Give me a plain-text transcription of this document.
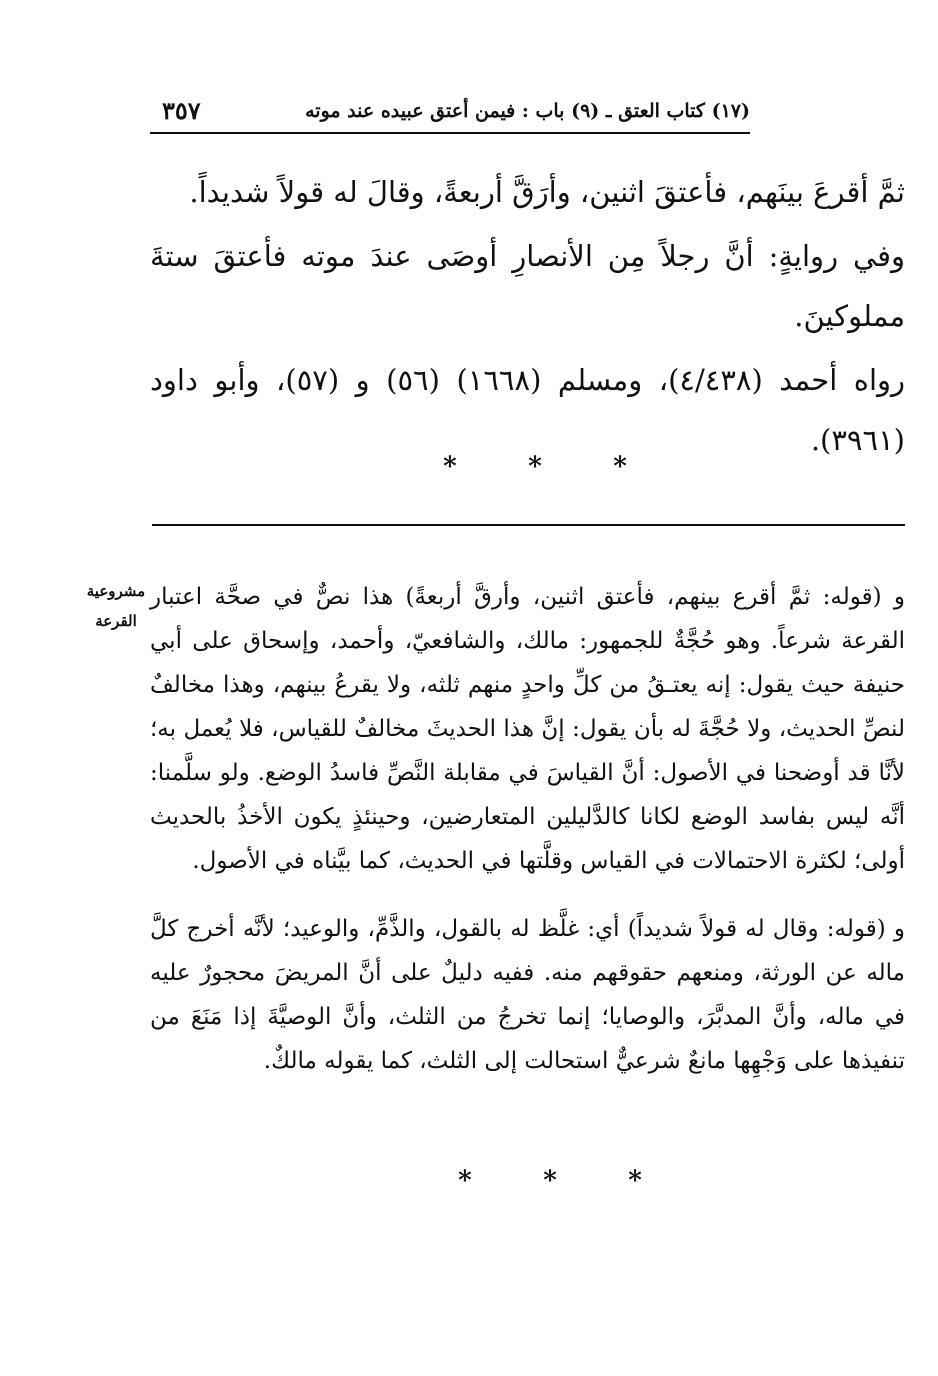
٣٥٧	(١٧) كتاب العتق ـ (٩) باب : فيمن أعتق عبيده عند موته

ثمَّ أقرعَ بينَهم، فأعتقَ اثنين، وأرَقَّ أربعةً، وقالَ له قولاً شديداً.

وفي روايةٍ: أنَّ رجلاً مِن الأنصارِ أوصَى عندَ موته فأعتقَ ستةَ مملوكينَ.

رواه أحمد (٤/٤٣٨)، ومسلم (١٦٦٨) (٥٦) و (٥٧)، وأبو داود (٣٩٦١).

*	*	*
مشروعية القرعة

و (قوله: ثمَّ أقرع بينهم، فأعتق اثنين، وأرقَّ أربعةً) هذا نصٌّ في صحَّة اعتبار القرعة شرعاً. وهو حُجَّةٌ للجمهور: مالك، والشافعيّ، وأحمد، وإسحاق على أبي حنيفة حيث يقول: إنه يعتـقُ من كلِّ واحدٍ منهم ثلثه، ولا يقرعُ بينهم، وهذا مخالفٌ لنصِّ الحديث، ولا حُجَّةَ له بأن يقول: إنَّ هذا الحديثَ مخالفٌ للقياس، فلا يُعمل به؛ لأنَّا قد أوضحنا في الأصول: أنَّ القياسَ في مقابلة النَّصِّ فاسدُ الوضع. ولو سلَّمنا: أنَّه ليس بفاسد الوضع لكانا كالدَّليلين المتعارضين، وحينئذٍ يكون الأخذُ بالحديث أولى؛ لكثرة الاحتمالات في القياس وقلَّتها في الحديث، كما بيَّناه في الأصول.

و (قوله: وقال له قولاً شديداً) أي: غلَّظ له بالقول، والذَّمِّ، والوعيد؛ لأنَّه أخرج كلَّ ماله عن الورثة، ومنعهم حقوقهم منه. ففيه دليلٌ على أنَّ المريضَ محجورٌ عليه في ماله، وأنَّ المدبَّرَ، والوصايا؛ إنما تخرجُ من الثلث، وأنَّ الوصيَّةَ إذا مَنَعَ من تنفيذها على وَجْهِها مانعٌ شرعيٌّ استحالت إلى الثلث، كما يقوله مالكٌ.

*	*	*
